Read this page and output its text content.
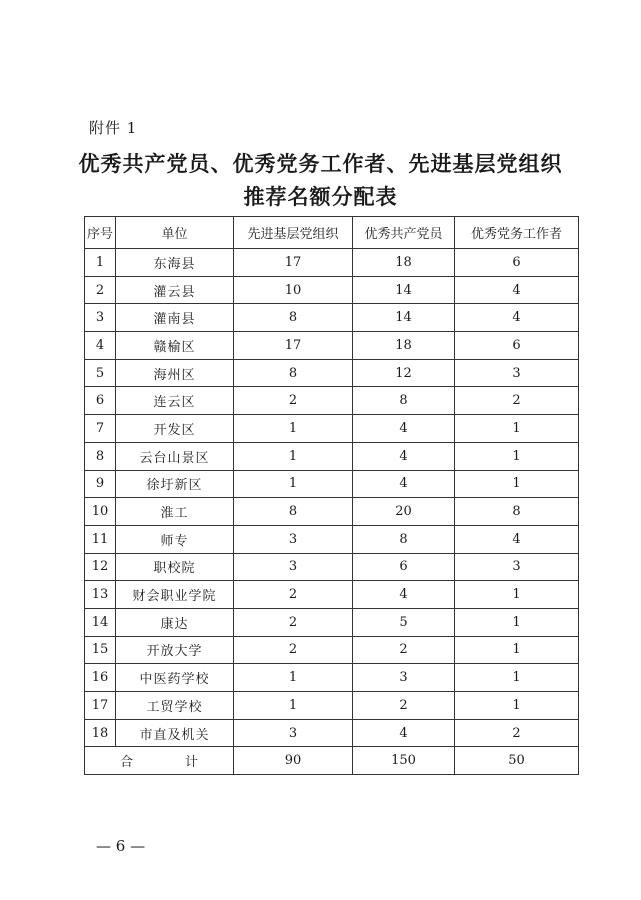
附件 1
优秀共产党员、优秀党务工作者、先进基层党组织
推荐名额分配表
序号	单位	先进基层党组织	优秀共产党员	优秀党务工作者
1	东海县	17	18	6
2	灌云县	10	14	4
3	灌南县	8	14	4
4	赣榆区	17	18	6
5	海州区	8	12	3
6	连云区	2	8	2
7	开发区	1	4	1
8	云台山景区	1	4	1
9	徐圩新区	1	4	1
10	淮工	8	20	8
11	师专	3	8	4
12	职校院	3	6	3
13	财会职业学院	2	4	1
14	康达	2	5	1
15	开放大学	2	2	1
16	中医药学校	1	3	1
17	工贸学校	1	2	1
18	市直及机关	3	4	2
合 计		90	150	50
— 6 —
